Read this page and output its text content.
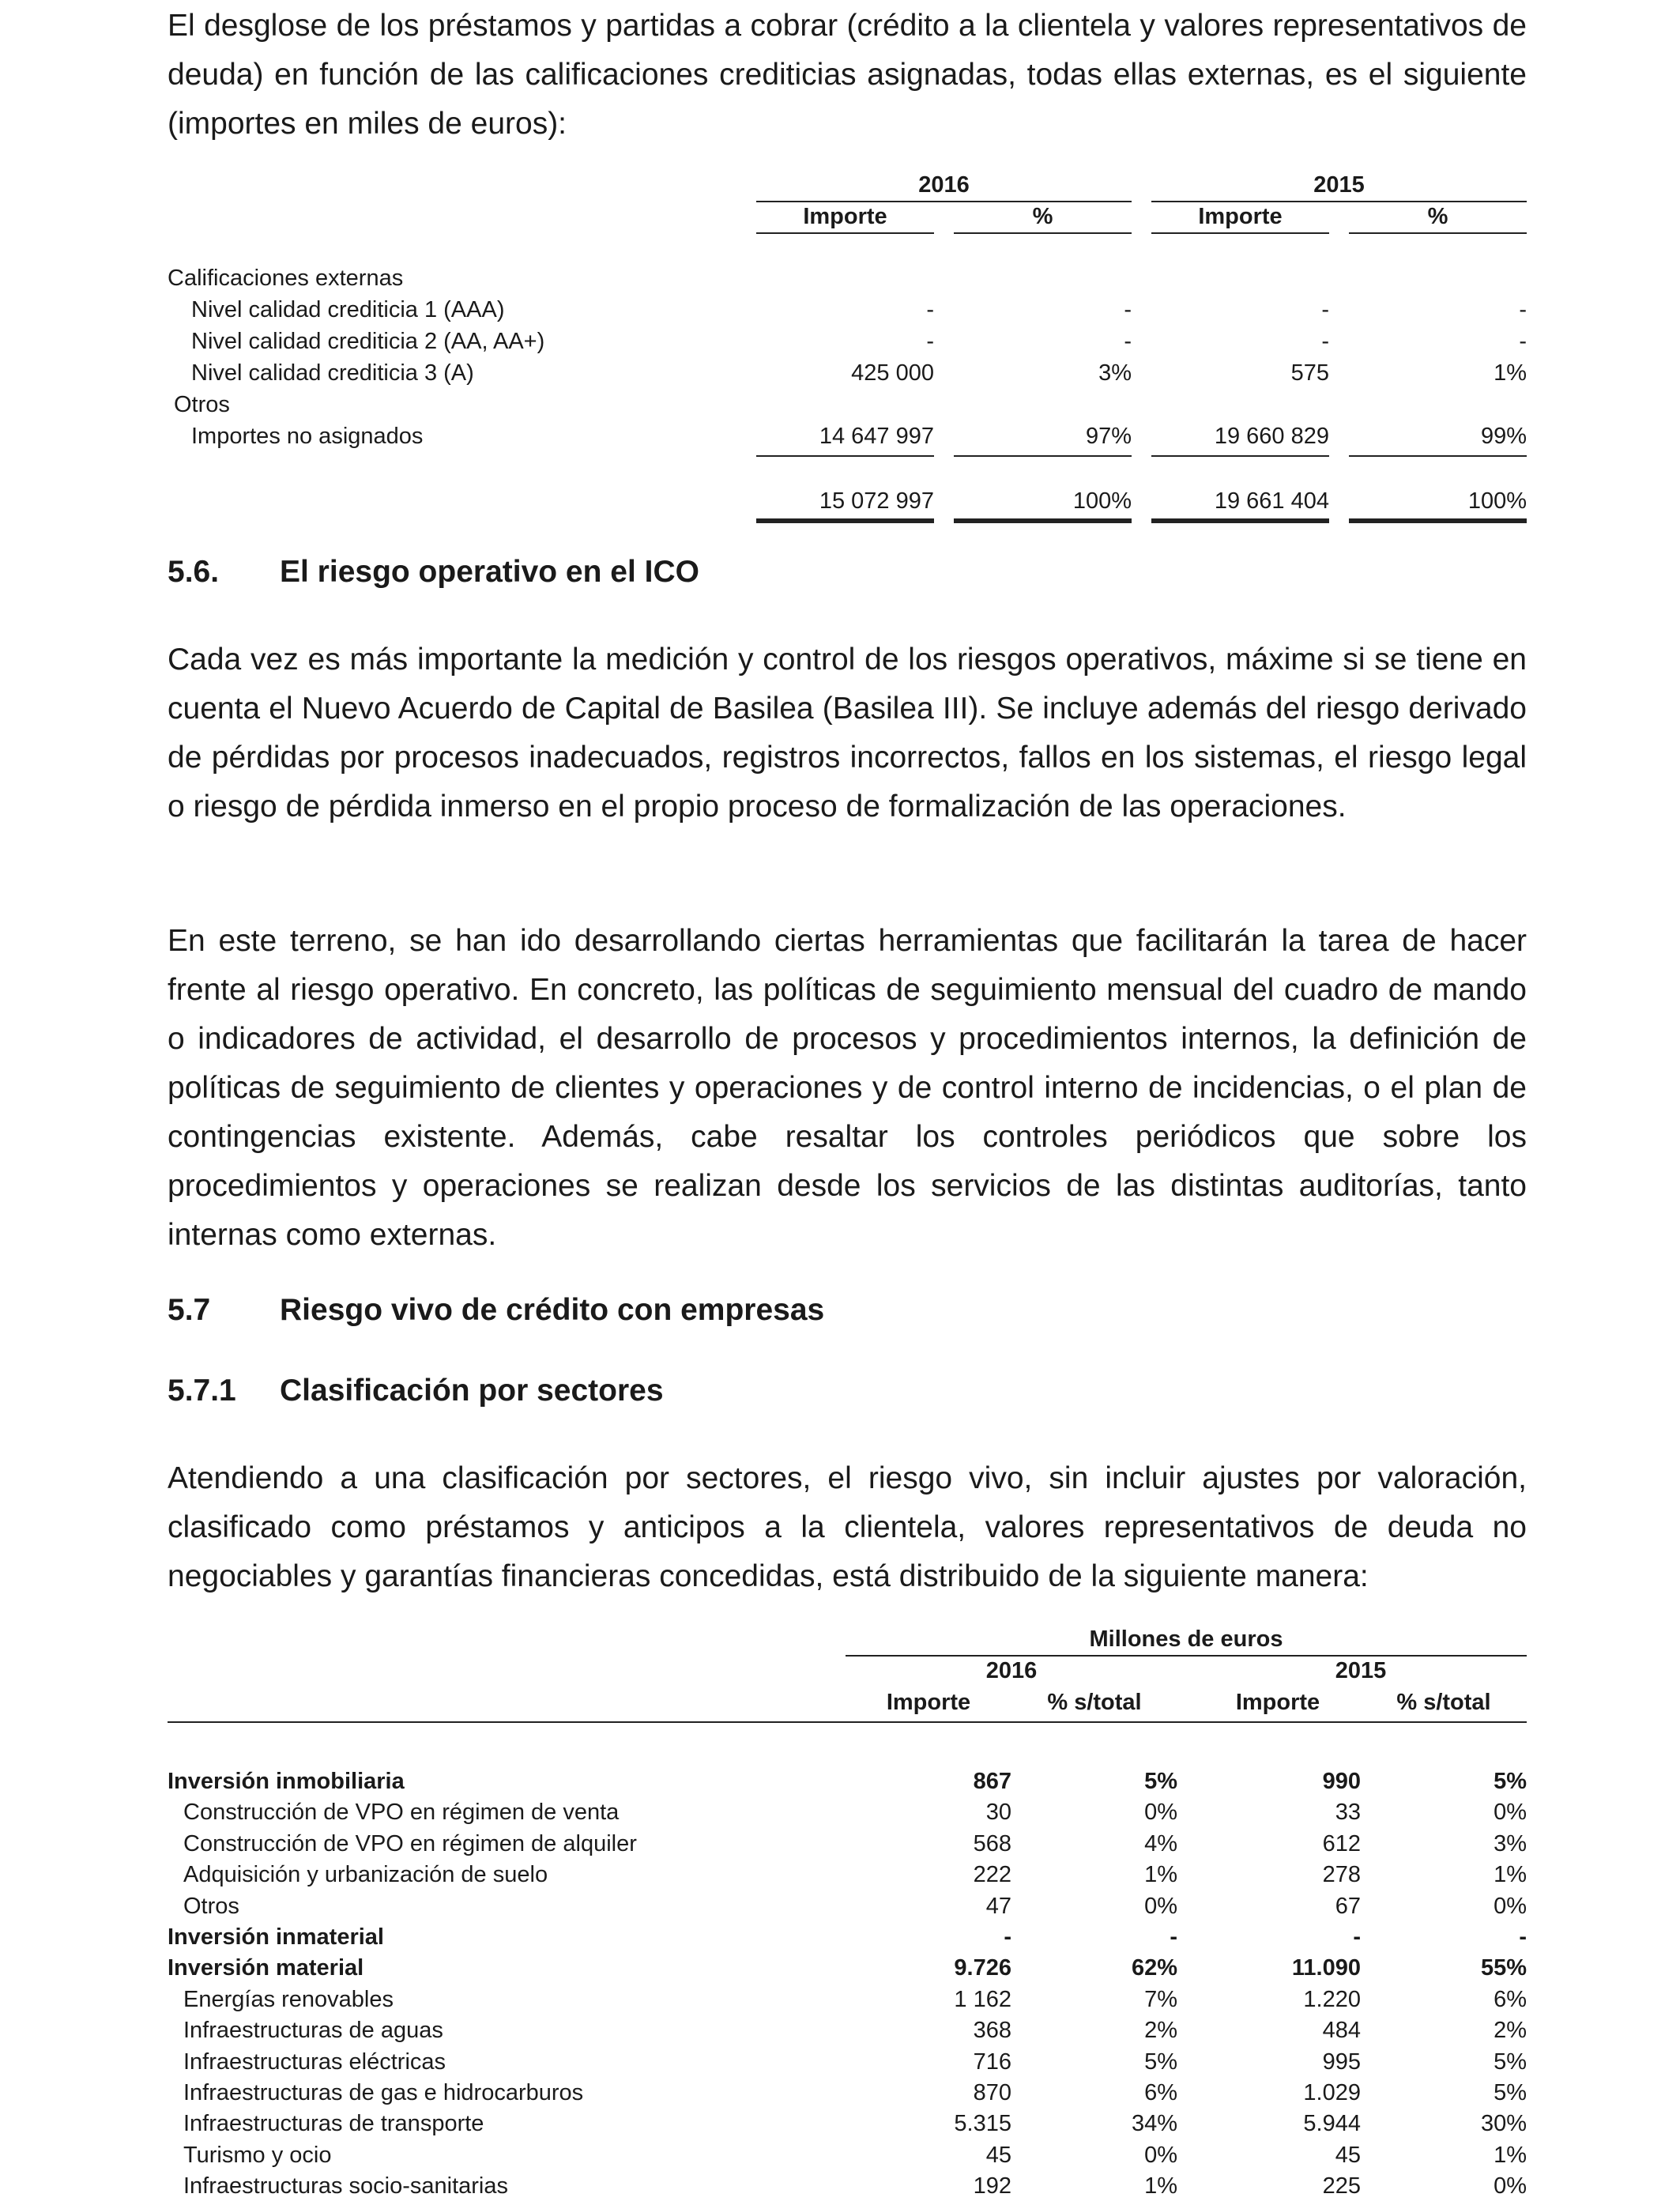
El desglose de los préstamos y partidas a cobrar (crédito a la clientela y valores representativos de deuda) en función de las calificaciones crediticias asignadas, todas ellas externas, es el siguiente (importes en miles de euros):

2016	2015
Importe	%	Importe	%
Calificaciones externas
Nivel calidad crediticia 1 (AAA)	-	-	-	-
Nivel calidad crediticia 2 (AA, AA+)	-	-	-	-
Nivel calidad crediticia 3 (A)	425 000	3%	575	1%
Otros
Importes no asignados	14 647 997	97%	19 660 829	99%
15 072 997	100%	19 661 404	100%
5.6. El riesgo operativo en el ICO

Cada vez es más importante la medición y control de los riesgos operativos, máxime si se tiene en cuenta el Nuevo Acuerdo de Capital de Basilea (Basilea III). Se incluye además del riesgo derivado de pérdidas por procesos inadecuados, registros incorrectos, fallos en los sistemas, el riesgo legal o riesgo de pérdida inmerso en el propio proceso de formalización de las operaciones.

En este terreno, se han ido desarrollando ciertas herramientas que facilitarán la tarea de hacer frente al riesgo operativo. En concreto, las políticas de seguimiento mensual del cuadro de mando o indicadores de actividad, el desarrollo de procesos y procedimientos internos, la definición de políticas de seguimiento de clientes y operaciones y de control interno de incidencias, o el plan de contingencias existente. Además, cabe resaltar los controles periódicos que sobre los procedimientos y operaciones se realizan desde los servicios de las distintas auditorías, tanto internas como externas.

5.7 Riesgo vivo de crédito con empresas
5.7.1 Clasificación por sectores

Atendiendo a una clasificación por sectores, el riesgo vivo, sin incluir ajustes por valoración, clasificado como préstamos y anticipos a la clientela, valores representativos de deuda no negociables y garantías financieras concedidas, está distribuido de la siguiente manera:

Millones de euros
2016	2015
Importe	% s/total	Importe	% s/total
Inversión inmobiliaria	867	5%	990	5%
Construcción de VPO en régimen de venta	30	0%	33	0%
Construcción de VPO en régimen de alquiler	568	4%	612	3%
Adquisición y urbanización de suelo	222	1%	278	1%
Otros	47	0%	67	0%
Inversión inmaterial	-	-	-	-
Inversión material	9.726	62%	11.090	55%
Energías renovables	1 162	7%	1.220	6%
Infraestructuras de aguas	368	2%	484	2%
Infraestructuras eléctricas	716	5%	995	5%
Infraestructuras de gas e hidrocarburos	870	6%	1.029	5%
Infraestructuras de transporte	5.315	34%	5.944	30%
Turismo y ocio	45	0%	45	1%
Infraestructuras socio-sanitarias	192	1%	225	0%
